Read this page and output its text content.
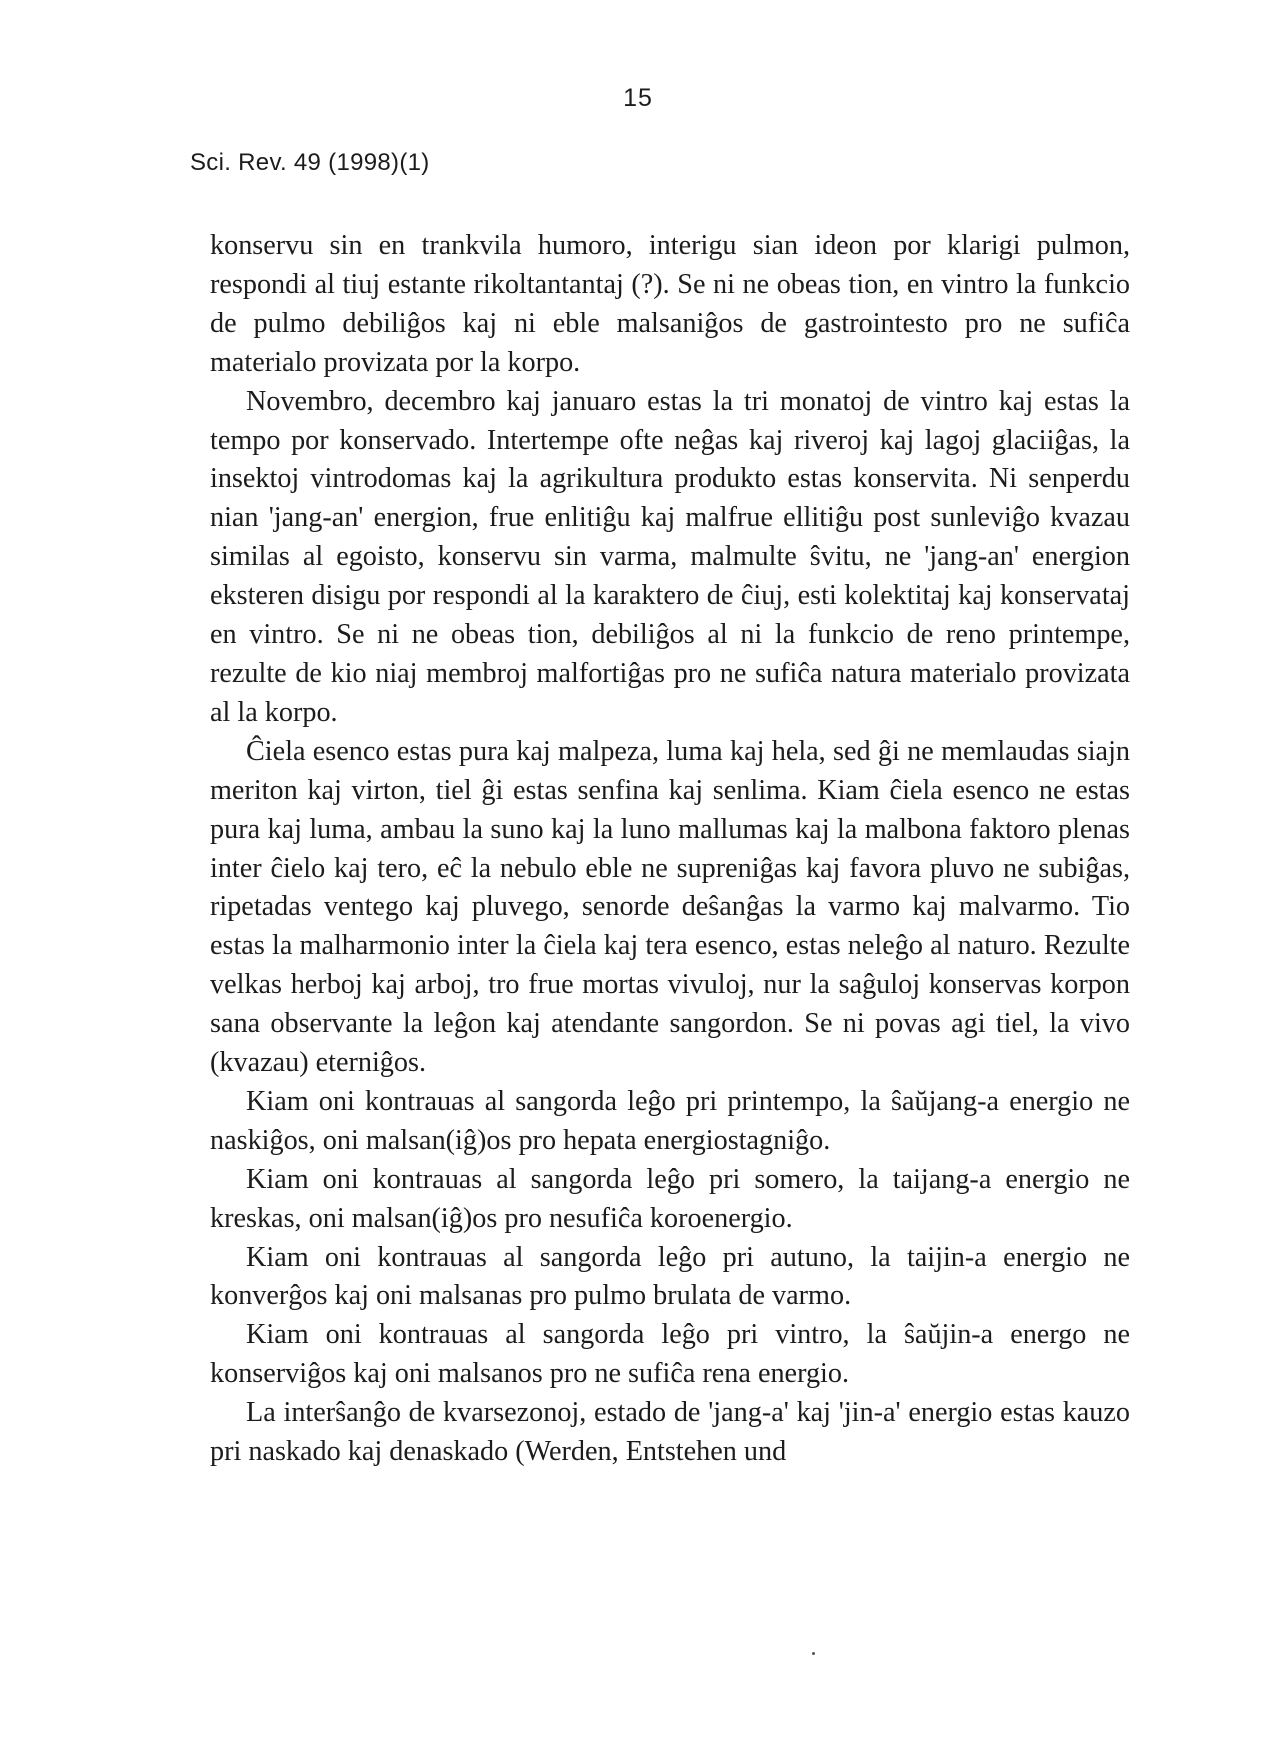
15
Sci. Rev. 49 (1998)(1)

konservu sin en trankvila humoro, interigu sian ideon por klarigi pulmon, respondi al tiuj estante rikoltantantaj (?). Se ni ne obeas tion, en vintro la funkcio de pulmo debiliĝos kaj ni eble malsaniĝos de gastrointesto pro ne sufiĉa materialo provizata por la korpo.

Novembro, decembro kaj januaro estas la tri monatoj de vintro kaj estas la tempo por konservado. Intertempe ofte neĝas kaj riveroj kaj lagoj glaciiĝas, la insektoj vintrodomas kaj la agrikultura produkto estas konservita. Ni senperdu nian 'jang-an' energion, frue enlitiĝu kaj malfrue ellitiĝu post sunleviĝo kvazau similas al egoisto, konservu sin varma, malmulte ŝvitu, ne 'jang-an' energion eksteren disigu por respondi al la karaktero de ĉiuj, esti kolektitaj kaj konservataj en vintro. Se ni ne obeas tion, debiliĝos al ni la funkcio de reno printempe, rezulte de kio niaj membroj malfortiĝas pro ne sufiĉa natura materialo provizata al la korpo.

Ĉiela esenco estas pura kaj malpeza, luma kaj hela, sed ĝi ne memlaudas siajn meriton kaj virton, tiel ĝi estas senfina kaj senlima. Kiam ĉiela esenco ne estas pura kaj luma, ambau la suno kaj la luno mallumas kaj la malbona faktoro plenas inter ĉielo kaj tero, eĉ la nebulo eble ne supreniĝas kaj favora pluvo ne subiĝas, ripetadas ventego kaj pluvego, senorde deŝanĝas la varmo kaj malvarmo. Tio estas la malharmonio inter la ĉiela kaj tera esenco, estas neleĝo al naturo. Rezulte velkas herboj kaj arboj, tro frue mortas vivuloj, nur la saĝuloj konservas korpon sana observante la leĝon kaj atendante sangordon. Se ni povas agi tiel, la vivo (kvazau) eterniĝos.

Kiam oni kontrauas al sangorda leĝo pri printempo, la ŝaŭjang-a energio ne naskiĝos, oni malsan(iĝ)os pro hepata energiostagniĝo.

Kiam oni kontrauas al sangorda leĝo pri somero, la taijang-a energio ne kreskas, oni malsan(iĝ)os pro nesufiĉa koroenergio.

Kiam oni kontrauas al sangorda leĝo pri autuno, la taijin-a energio ne konverĝos kaj oni malsanas pro pulmo brulata de varmo.

Kiam oni kontrauas al sangorda leĝo pri vintro, la ŝaŭjin-a energo ne konserviĝos kaj oni malsanos pro ne sufiĉa rena energio.

La interŝanĝo de kvarsezonoj, estado de 'jang-a' kaj 'jin-a' energio estas kauzo pri naskado kaj denaskado (Werden, Entstehen und
